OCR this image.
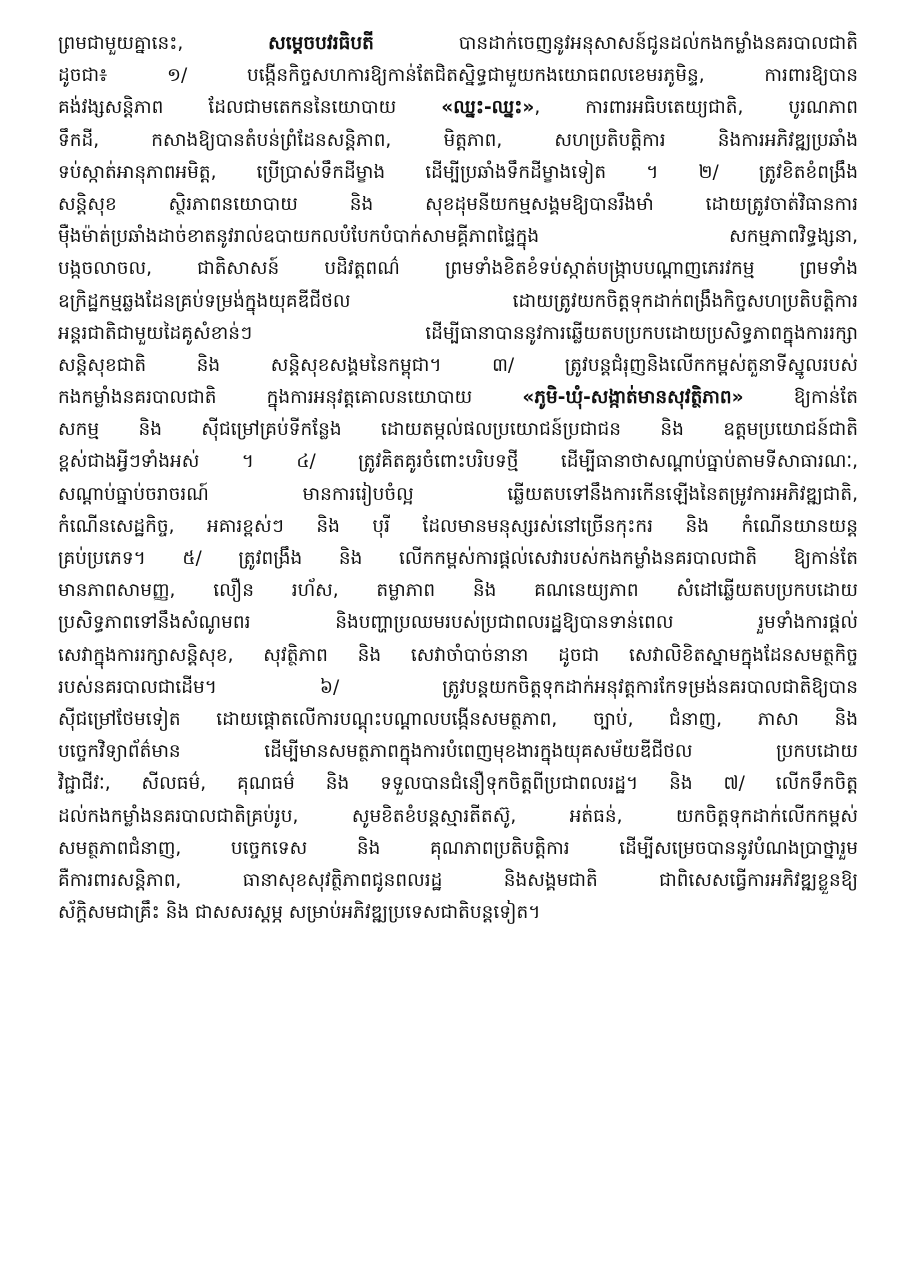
ព្រមជាមួយគ្នានេះ, សម្តេចបវរធិបតី បានដាក់ចេញនូវអនុសាសន៍ជូនដល់កងកម្លាំងនគរបាលជាតិ
ដូចជា៖ ១/ បង្កើនកិច្ចសហការឱ្យកាន់តែជិតស្និទ្ធជាមួយកងយោធពលខេមរភូមិន្ទ, ការពារឱ្យបាន
គង់វង្សសន្តិភាព ដែលជាមតេកននៃយោបាយ «ឈ្នះ-ឈ្នះ», ការពារអធិបតេយ្យជាតិ, បូរណភាព
ទឹកដី, កសាងឱ្យបានតំបន់ព្រំដែនសន្តិភាព, មិត្តភាព, សហប្រតិបត្តិការ និងការអភិវឌ្ឍប្រឆាំង
ទប់ស្កាត់អានុភាពអមិត្ត, ប្រើប្រាស់ទឹកដីម្ខាង ដើម្បីប្រឆាំងទឹកដីម្ខាងទៀត ។ ២/ ត្រូវខិតខំពង្រឹង
សន្តិសុខ ស្ថិរភាពនយោបាយ និង សុខដុមនីយកម្មសង្គមឱ្យបានរឹងមាំ ដោយត្រូវចាត់វិធានការ
ម៉ឺងម៉ាត់ប្រឆាំងដាច់ខាតនូវរាល់ឧបាយកលបំបែកបំបាក់សាមគ្គីភាពផ្ទៃក្នុង សកម្មភាពវិទ្ធង្សនា,
បង្កចលាចល, ជាតិសាសន៍ បដិវត្តពណ៌ ព្រមទាំងខិតខំទប់ស្កាត់បង្ក្រាបបណ្តាញភេរវកម្ម ព្រមទាំង
ឧក្រិដ្ឋកម្មឆ្លងដែនគ្រប់ទម្រង់ក្នុងយុគឌីជីថល ដោយត្រូវយកចិត្តទុកដាក់ពង្រឹងកិច្ចសហប្រតិបត្តិការ
អន្តរជាតិជាមួយដៃគូសំខាន់ៗ ដើម្បីធានាបាននូវការឆ្លើយតបប្រកបដោយប្រសិទ្ធភាពក្នុងការរក្សា
សន្តិសុខជាតិ និង សន្តិសុខសង្គមនៃកម្ពុជា។ ៣/ ត្រូវបន្តជំរុញនិងលើកកម្ពស់តួនាទីស្នូលរបស់
កងកម្លាំងនគរបាលជាតិ ក្នុងការអនុវត្តគោលនយោបាយ «ភូមិ-ឃុំ-សង្កាត់មានសុវត្ថិភាព» ឱ្យកាន់តែ
សកម្ម និង ស៊ីជម្រៅគ្រប់ទីកន្លែង ដោយតម្កល់ផលប្រយោជន៍ប្រជាជន និង ឧត្តមប្រយោជន៍ជាតិ
ខ្ពស់ជាងអ្វីៗទាំងអស់ ។ ៤/ ត្រូវគិតគូរចំពោះបរិបទថ្មី ដើម្បីធានាថាសណ្តាប់ធ្នាប់តាមទីសាធារណៈ,
សណ្តាប់ធ្នាប់ចរាចរណ៍ មានការរៀបចំល្អ ឆ្លើយតបទៅនឹងការកើនឡើងនៃតម្រូវការអភិវឌ្ឍជាតិ,
កំណើនសេដ្ឋកិច្ច, អគារខ្ពស់ៗ និង បុរី ដែលមានមនុស្សរស់នៅច្រើនកុះករ និង កំណើនយានយន្ត
គ្រប់ប្រភេទ។ ៥/ ត្រូវពង្រឹង និង លើកកម្ពស់ការផ្តល់សេវារបស់កងកម្លាំងនគរបាលជាតិ ឱ្យកាន់តែ
មានភាពសាមញ្ញ, លឿន រហ័ស, តម្លាភាព និង គណនេយ្យភាព សំដៅឆ្លើយតបប្រកបដោយ
ប្រសិទ្ធភាពទៅនឹងសំណូមពរ និងបញ្ហាប្រឈមរបស់ប្រជាពលរដ្ឋឱ្យបានទាន់ពេល រួមទាំងការផ្តល់
សេវាក្នុងការរក្សាសន្តិសុខ, សុវត្ថិភាព និង សេវាចាំបាច់នានា ដូចជា សេវាលិខិតស្នាមក្នុងដែនសមត្ថកិច្ច
របស់នគរបាលជាដើម។ ៦/ ត្រូវបន្តយកចិត្តទុកដាក់អនុវត្តការកែទម្រង់នគរបាលជាតិឱ្យបាន
ស៊ីជម្រៅថែមទៀត ដោយផ្តោតលើការបណ្តុះបណ្តាលបង្កើនសមត្ថភាព, ច្បាប់, ជំនាញ, ភាសា និង
បច្ចេកវិទ្យាព័ត៌មាន ដើម្បីមានសមត្ថភាពក្នុងការបំពេញមុខងារក្នុងយុគសម័យឌីជីថល ប្រកបដោយ
វិជ្ជាជីវៈ, សីលធម៌, គុណធម៌ និង ទទួលបានជំនឿទុកចិត្តពីប្រជាពលរដ្ឋ។ និង ៧/ លើកទឹកចិត្ត
ដល់កងកម្លាំងនគរបាលជាតិគ្រប់រូប, សូមខិតខំបន្តស្មារតីតស៊ូ, អត់ធន់, យកចិត្តទុកដាក់លើកកម្ពស់
សមត្ថភាពជំនាញ, បច្ចេកទេស និង គុណភាពប្រតិបត្តិការ ដើម្បីសម្រេចបាននូវបំណងប្រាថ្នារួម
គឺការពារសន្តិភាព, ធានាសុខសុវត្ថិភាពជូនពលរដ្ឋ និងសង្គមជាតិ ជាពិសេសធ្វើការអភិវឌ្ឍខ្លួនឱ្យ
ស័ក្តិសមជាគ្រឹះ និង ជាសសរស្តម្ភ សម្រាប់អភិវឌ្ឍប្រទេសជាតិបន្តទៀត។
